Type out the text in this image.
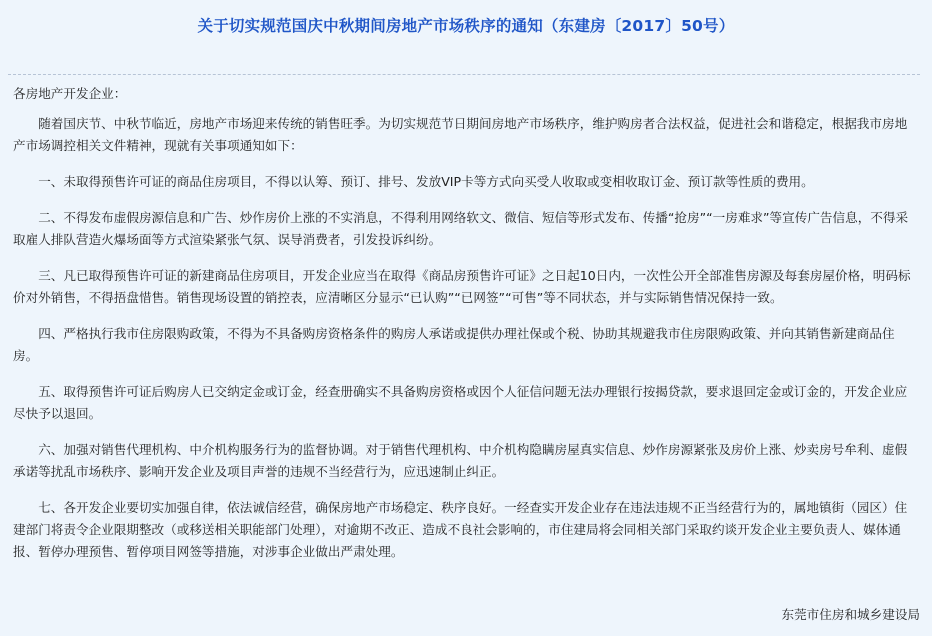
关于切实规范国庆中秋期间房地产市场秩序的通知（东建房〔2017〕50号）

各房地产开发企业：

随着国庆节、中秋节临近，房地产市场迎来传统的销售旺季。为切实规范节日期间房地产市场秩序，维护购房者合法权益，促进社会和谐稳定，根据我市房地产市场调控相关文件精神，现就有关事项通知如下：

一、未取得预售许可证的商品住房项目，不得以认筹、预订、排号、发放VIP卡等方式向买受人收取或变相收取订金、预订款等性质的费用。

二、不得发布虚假房源信息和广告、炒作房价上涨的不实消息，不得利用网络软文、微信、短信等形式发布、传播“抢房”“一房难求”等宣传广告信息，不得采取雇人排队营造火爆场面等方式渲染紧张气氛、误导消费者，引发投诉纠纷。

三、凡已取得预售许可证的新建商品住房项目，开发企业应当在取得《商品房预售许可证》之日起10日内，一次性公开全部准售房源及每套房屋价格，明码标价对外销售，不得捂盘惜售。销售现场设置的销控表，应清晰区分显示“已认购”“已网签”“可售”等不同状态，并与实际销售情况保持一致。

四、严格执行我市住房限购政策，不得为不具备购房资格条件的购房人承诺或提供办理社保或个税、协助其规避我市住房限购政策、并向其销售新建商品住房。

五、取得预售许可证后购房人已交纳定金或订金，经查册确实不具备购房资格或因个人征信问题无法办理银行按揭贷款，要求退回定金或订金的，开发企业应尽快予以退回。

六、加强对销售代理机构、中介机构服务行为的监督协调。对于销售代理机构、中介机构隐瞒房屋真实信息、炒作房源紧张及房价上涨、炒卖房号牟利、虚假承诺等扰乱市场秩序、影响开发企业及项目声誉的违规不当经营行为，应迅速制止纠正。

七、各开发企业要切实加强自律，依法诚信经营，确保房地产市场稳定、秩序良好。一经查实开发企业存在违法违规不正当经营行为的，属地镇街（园区）住建部门将责令企业限期整改（或移送相关职能部门处理），对逾期不改正、造成不良社会影响的，市住建局将会同相关部门采取约谈开发企业主要负责人、媒体通报、暂停办理预售、暂停项目网签等措施，对涉事企业做出严肃处理。

东莞市住房和城乡建设局
